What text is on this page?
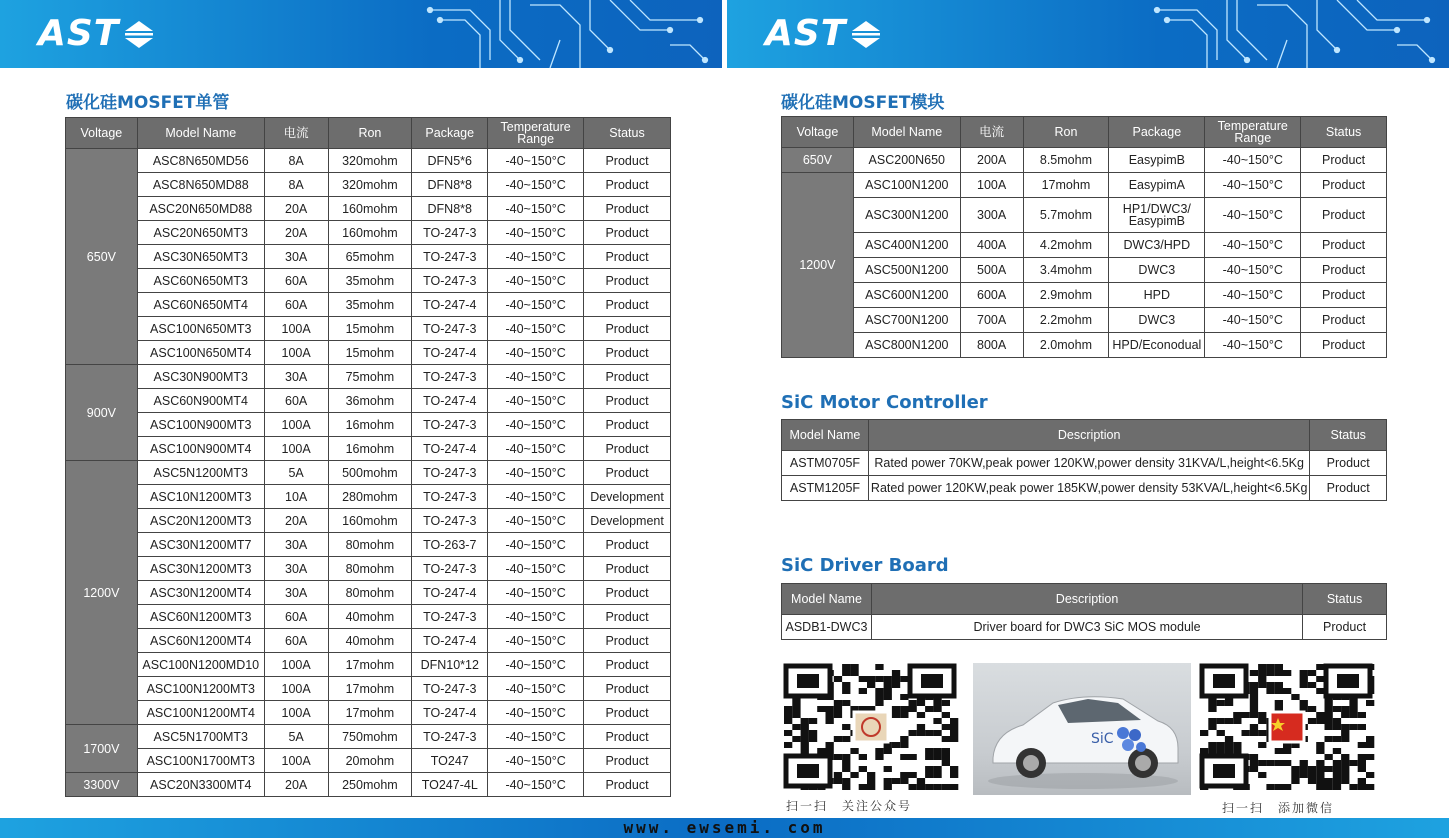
AST	AST
碳化硅MOSFET单管
Voltage	Model Name	电流	Ron	Package	Temperature Range	Status
650V	ASC8N650MD56	8A	320mohm	DFN5*6	-40~150°C	Product
	ASC8N650MD88	8A	320mohm	DFN8*8	-40~150°C	Product
	ASC20N650MD88	20A	160mohm	DFN8*8	-40~150°C	Product
	ASC20N650MT3	20A	160mohm	TO-247-3	-40~150°C	Product
	ASC30N650MT3	30A	65mohm	TO-247-3	-40~150°C	Product
	ASC60N650MT3	60A	35mohm	TO-247-3	-40~150°C	Product
	ASC60N650MT4	60A	35mohm	TO-247-4	-40~150°C	Product
	ASC100N650MT3	100A	15mohm	TO-247-3	-40~150°C	Product
	ASC100N650MT4	100A	15mohm	TO-247-4	-40~150°C	Product
900V	ASC30N900MT3	30A	75mohm	TO-247-3	-40~150°C	Product
	ASC60N900MT4	60A	36mohm	TO-247-4	-40~150°C	Product
	ASC100N900MT3	100A	16mohm	TO-247-3	-40~150°C	Product
	ASC100N900MT4	100A	16mohm	TO-247-4	-40~150°C	Product
1200V	ASC5N1200MT3	5A	500mohm	TO-247-3	-40~150°C	Product
	ASC10N1200MT3	10A	280mohm	TO-247-3	-40~150°C	Development
	ASC20N1200MT3	20A	160mohm	TO-247-3	-40~150°C	Development
	ASC30N1200MT7	30A	80mohm	TO-263-7	-40~150°C	Product
	ASC30N1200MT3	30A	80mohm	TO-247-3	-40~150°C	Product
	ASC30N1200MT4	30A	80mohm	TO-247-4	-40~150°C	Product
	ASC60N1200MT3	60A	40mohm	TO-247-3	-40~150°C	Product
	ASC60N1200MT4	60A	40mohm	TO-247-4	-40~150°C	Product
	ASC100N1200MD10	100A	17mohm	DFN10*12	-40~150°C	Product
	ASC100N1200MT3	100A	17mohm	TO-247-3	-40~150°C	Product
	ASC100N1200MT4	100A	17mohm	TO-247-4	-40~150°C	Product
1700V	ASC5N1700MT3	5A	750mohm	TO-247-3	-40~150°C	Product
	ASC100N1700MT3	100A	20mohm	TO247	-40~150°C	Product
3300V	ASC20N3300MT4	20A	250mohm	TO247-4L	-40~150°C	Product
碳化硅MOSFET模块
Voltage	Model Name	电流	Ron	Package	Temperature Range	Status
650V	ASC200N650	200A	8.5mohm	EasypimB	-40~150°C	Product
1200V	ASC100N1200	100A	17mohm	EasypimA	-40~150°C	Product
	ASC300N1200	300A	5.7mohm	HP1/DWC3/ EasypimB	-40~150°C	Product
	ASC400N1200	400A	4.2mohm	DWC3/HPD	-40~150°C	Product
	ASC500N1200	500A	3.4mohm	DWC3	-40~150°C	Product
	ASC600N1200	600A	2.9mohm	HPD	-40~150°C	Product
	ASC700N1200	700A	2.2mohm	DWC3	-40~150°C	Product
	ASC800N1200	800A	2.0mohm	HPD/Econodual	-40~150°C	Product
SiC Motor Controller
Model Name	Description	Status
ASTM0705F	Rated power 70KW,peak power 120KW,power density 31KVA/L,height<6.5Kg	Product
ASTM1205F	Rated power 120KW,peak power 185KW,power density 53KVA/L,height<6.5Kg	Product
SiC Driver Board
Model Name	Description	Status
ASDB1-DWC3	Driver board for DWC3 SiC MOS module	Product
扫一扫　关注公众号
SiC
扫一扫　添加微信
www. ewsemi. com
